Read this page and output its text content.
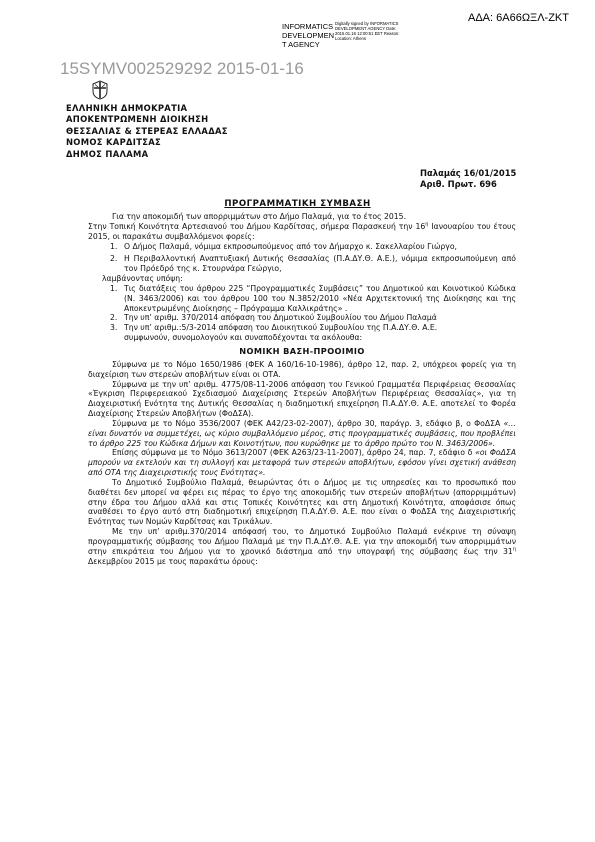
ΑΔΑ: 6Α66ΩΞΛ-ΖΚΤ
INFORMATICS DEVELOPMEN T AGENCY
Digitally signed by INFORMATICS DEVELOPMENT AGENCY Date: 2015.01.16 12:00:51 EET Reason: Location: Athens
15SYMV002529292 2015-01-16
ΕΛΛΗΝΙΚΗ ΔΗΜΟΚΡΑΤΙΑ
ΑΠΟΚΕΝΤΡΩΜΕΝΗ ΔΙΟΙΚΗΣΗ
ΘΕΣΣΑΛΙΑΣ & ΣΤΕΡΕΑΣ ΕΛΛΑΔΑΣ
ΝΟΜΟΣ ΚΑΡΔΙΤΣΑΣ
ΔΗΜΟΣ ΠΑΛΑΜΑ
Παλαμάς 16/01/2015
Αριθ. Πρωτ. 696
ΠΡΟΓΡΑΜΜΑΤΙΚΗ ΣΥΜΒΑΣΗ

Για την αποκομιδή των απορριμμάτων στο Δήμο Παλαμά, για το έτος 2015.

Στην Τοπική Κοινότητα Αρτεσιανού του Δήμου Καρδίτσας, σήμερα Παρασκευή την $16^\eta$ Ιανουαρίου του έτους 2015, οι παρακάτω συμβαλλόμενοι φορείς:

1. Ο Δήμος Παλαμά, νόμιμα εκπροσωπούμενος από τον Δήμαρχο κ. Σακελλαρίου Γιώργο,
2. Η Περιβαλλοντική Αναπτυξιακή Δυτικής Θεσσαλίας (Π.Α.ΔΥ.Θ. Α.Ε.), νόμιμα εκπροσωπούμενη από τον Πρόεδρό της κ. Στουρνάρα Γεώργιο,

λαμβάνοντας υπόψη:

1. Τις διατάξεις του άρθρου 225 “Προγραμματικές Συμβάσεις” του Δημοτικού και Κοινοτικού Κώδικα (Ν. 3463/2006) και του άρθρου 100 του Ν.3852/2010 «Νέα Αρχιτεκτονική της Διοίκησης και της Αποκεντρωμένης Διοίκησης – Πρόγραμμα Καλλικράτης» .
2. Την υπ’ αριθμ. 370/2014 απόφαση του Δημοτικού Συμβουλίου του Δήμου Παλαμά
3. Την υπ’ αριθμ.:5/3-2014 απόφαση του Διοικητικού Συμβουλίου της Π.Α.ΔΥ.Θ. Α.Ε.

συμφωνούν, συνομολογούν και συναποδέχονται τα ακόλουθα:

ΝΟΜΙΚΗ ΒΑΣΗ-ΠΡΟΟΙΜΙΟ

Σύμφωνα με το Νόμο 1650/1986 (ΦΕΚ Α 160/16-10-1986), άρθρο 12, παρ. 2, υπόχρεοι φορείς για τη διαχείριση των στερεών αποβλήτων είναι οι ΟΤΑ.

Σύμφωνα με την υπ’ αριθμ. 4775/08-11-2006 απόφαση του Γενικού Γραμματέα Περιφέρειας Θεσσαλίας «Έγκριση Περιφερειακού Σχεδιασμού Διαχείρισης Στερεών Αποβλήτων Περιφέρειας Θεσσαλίας», για τη Διαχειριστική Ενότητα της Δυτικής Θεσσαλίας η διαδημοτική επιχείρηση Π.Α.ΔΥ.Θ. Α.Ε. αποτελεί το Φορέα Διαχείρισης Στερεών Αποβλήτων (ΦοΔΣΑ).

Σύμφωνα με το Νόμο 3536/2007 (ΦΕΚ Α42/23-02-2007), άρθρο 30, παράγρ. 3, εδάφιο β, ο ΦοΔΣΑ «…είναι δυνατόν να συμμετέχει, ως κύριο συμβαλλόμενο μέρος, στις προγραμματικές συμβάσεις, που προβλέπει το άρθρο 225 του Κώδικα Δήμων και Κοινοτήτων, που κυρώθηκε με το άρθρο πρώτο του Ν. 3463/2006».

Επίσης σύμφωνα με το Νόμο 3613/2007 (ΦΕΚ Α263/23-11-2007), άρθρο 24, παρ. 7, εδάφιο δ «οι ΦοΔΣΑ μπορούν να εκτελούν και τη συλλογή και μεταφορά των στερεών αποβλήτων, εφόσον γίνει σχετική ανάθεση από ΟΤΑ της Διαχειριστικής τους Ενότητας».

Το Δημοτικό Συμβούλιο Παλαμά, θεωρώντας ότι ο Δήμος με τις υπηρεσίες και το προσωπικό που διαθέτει δεν μπορεί να φέρει εις πέρας το έργο της αποκομιδής των στερεών αποβλήτων (απορριμμάτων) στην έδρα του Δήμου αλλά και στις Τοπικές Κοινότητες και στη Δημοτική Κοινότητα, αποφάσισε όπως αναθέσει το έργο αυτό στη διαδημοτική επιχείρηση Π.Α.ΔΥ.Θ. Α.Ε. που είναι ο ΦοΔΣΑ της Διαχειριστικής Ενότητας των Νομών Καρδίτσας και Τρικάλων.

Με την υπ’ αριθμ.370/2014 απόφασή του, το Δημοτικό Συμβούλιο Παλαμά ενέκρινε τη σύναψη προγραμματικής σύμβασης του Δήμου Παλαμά με την Π.Α.ΔΥ.Θ. Α.Ε. για την αποκομιδή των απορριμμάτων στην επικράτεια του Δήμου για το χρονικό διάστημα από την υπογραφή της σύμβασης έως την $31^\eta$ Δεκεμβρίου 2015 με τους παρακάτω όρους:
